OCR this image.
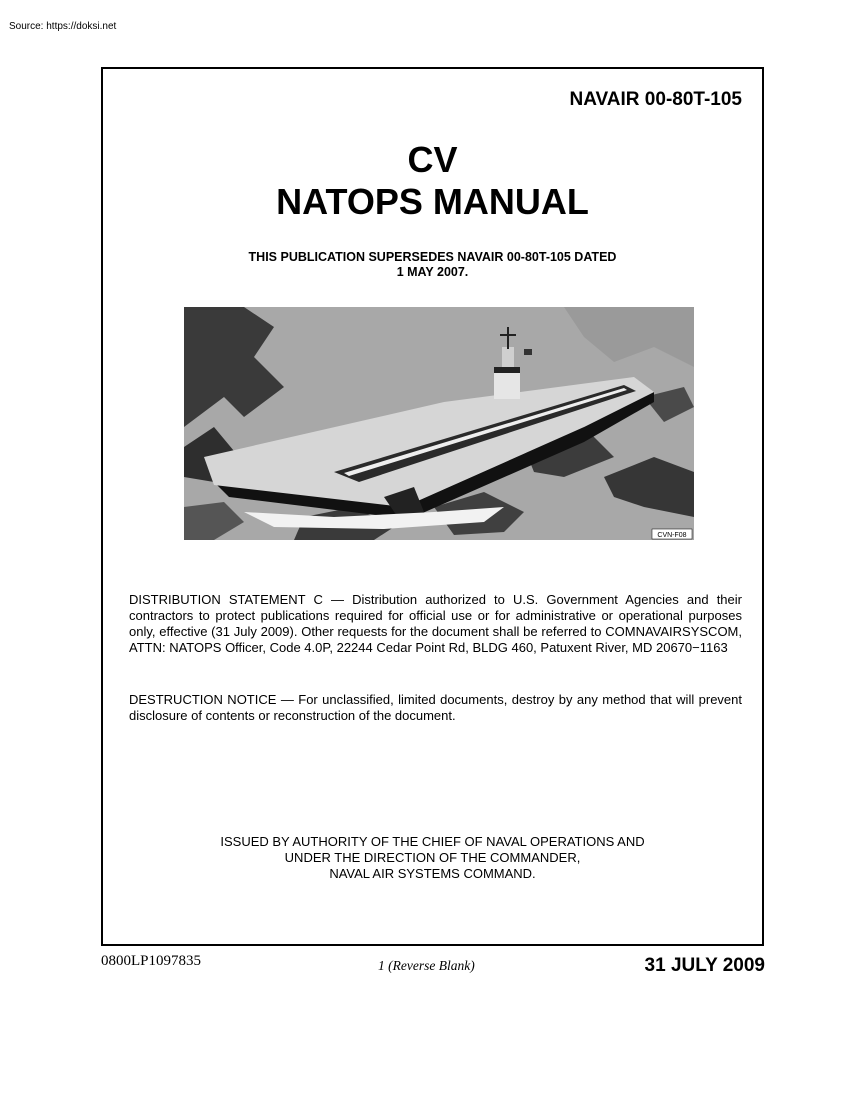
Source: https://doksi.net
NAVAIR 00-80T-105
CV
NATOPS MANUAL
THIS PUBLICATION SUPERSEDES NAVAIR 00-80T-105 DATED
1 MAY 2007.
CVN-F08
DISTRIBUTION STATEMENT C — Distribution authorized to U.S. Government Agencies and their contractors to protect publications required for official use or for administrative or operational purposes only, effective (31 July 2009). Other requests for the document shall be referred to COMNAVAIRSYSCOM, ATTN: NATOPS Officer, Code 4.0P, 22244 Cedar Point Rd, BLDG 460, Patuxent River, MD 20670−1163
DESTRUCTION NOTICE — For unclassified, limited documents, destroy by any method that will prevent disclosure of contents or reconstruction of the document.
ISSUED BY AUTHORITY OF THE CHIEF OF NAVAL OPERATIONS AND
UNDER THE DIRECTION OF THE COMMANDER,
NAVAL AIR SYSTEMS COMMAND.
0800LP1097835	1 (Reverse Blank)	31 JULY 2009
